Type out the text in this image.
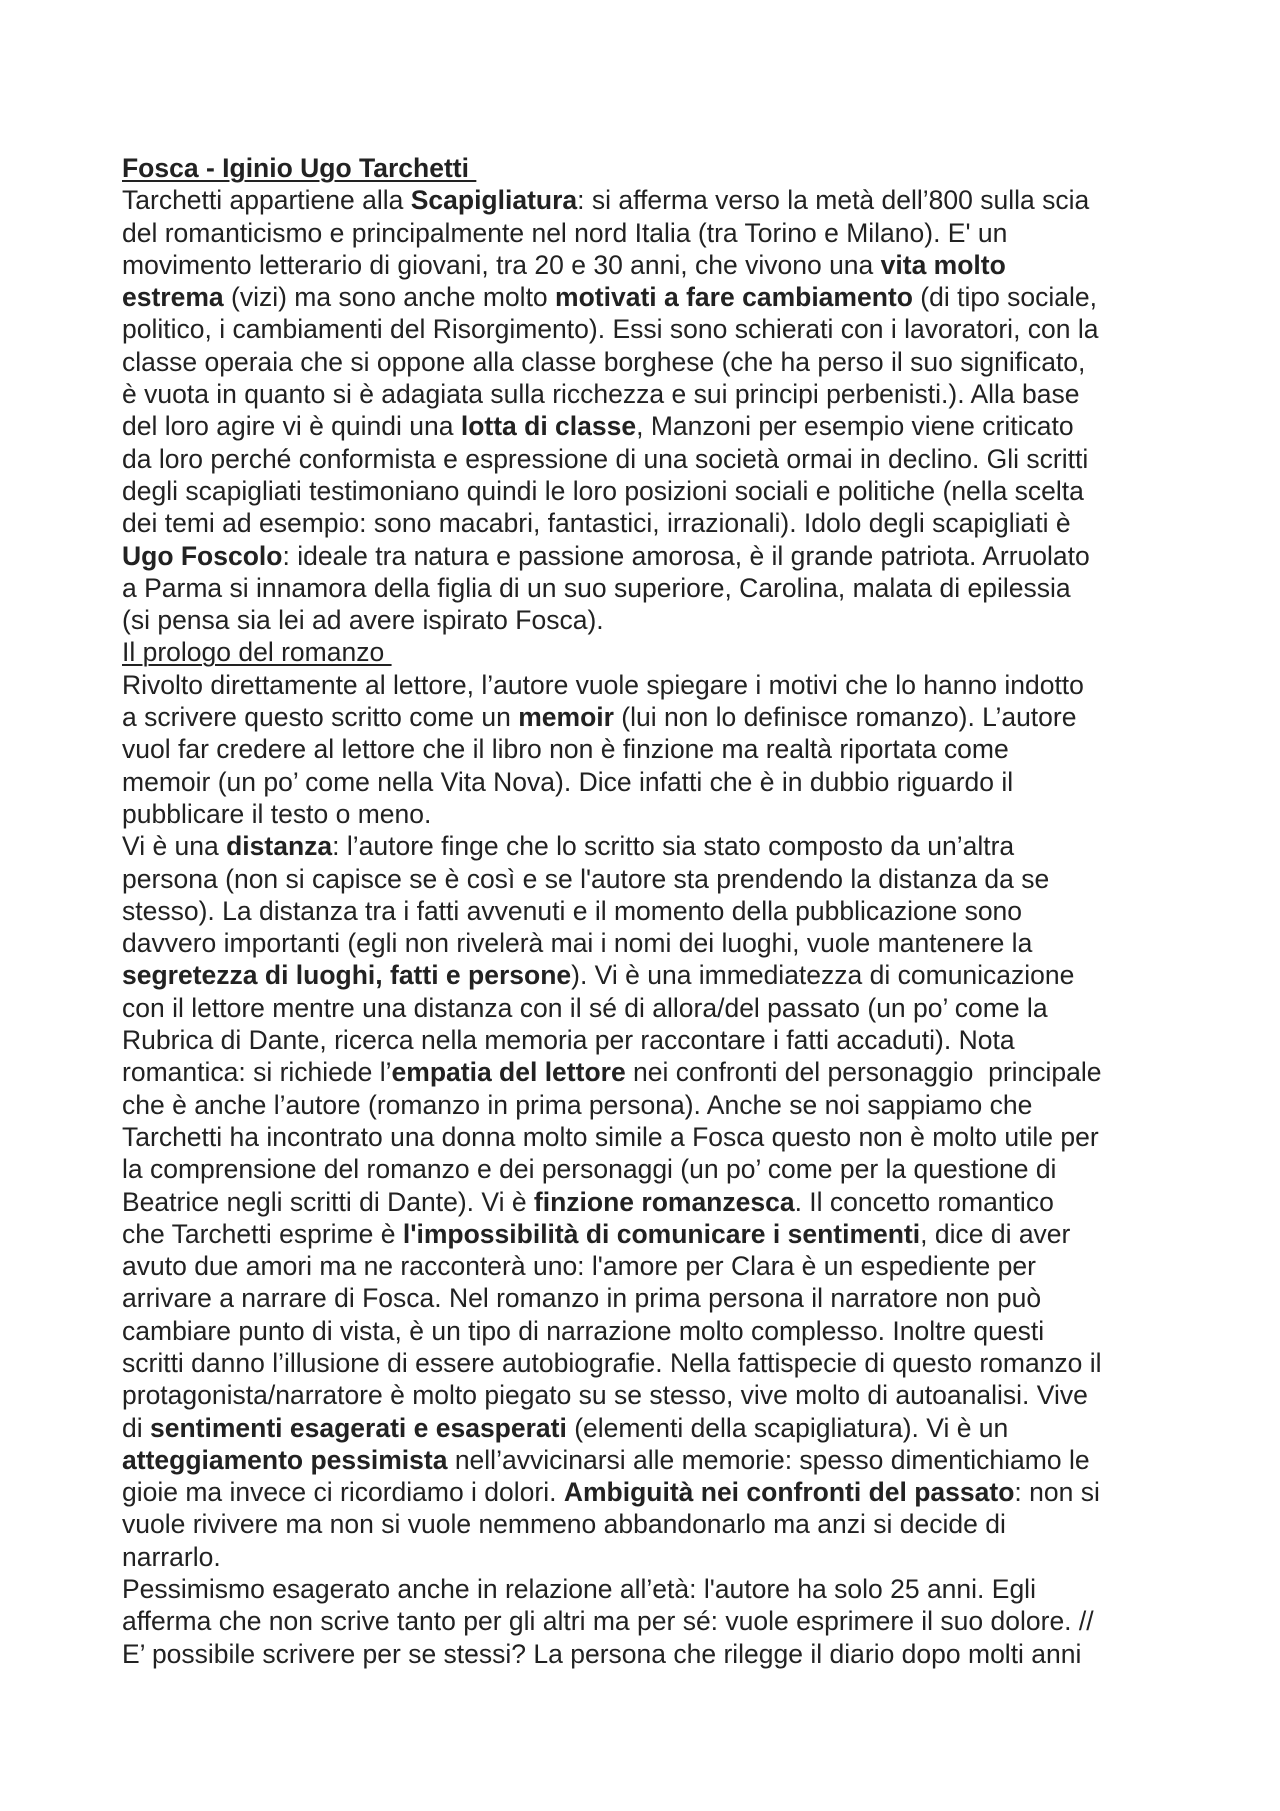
Fosca - Iginio Ugo Tarchetti
Tarchetti appartiene alla Scapigliatura: si afferma verso la metà dell’800 sulla scia
del romanticismo e principalmente nel nord Italia (tra Torino e Milano). E' un
movimento letterario di giovani, tra 20 e 30 anni, che vivono una vita molto
estrema (vizi) ma sono anche molto motivati a fare cambiamento (di tipo sociale,
politico, i cambiamenti del Risorgimento). Essi sono schierati con i lavoratori, con la
classe operaia che si oppone alla classe borghese (che ha perso il suo significato,
è vuota in quanto si è adagiata sulla ricchezza e sui principi perbenisti.). Alla base
del loro agire vi è quindi una lotta di classe, Manzoni per esempio viene criticato
da loro perché conformista e espressione di una società ormai in declino. Gli scritti
degli scapigliati testimoniano quindi le loro posizioni sociali e politiche (nella scelta
dei temi ad esempio: sono macabri, fantastici, irrazionali). Idolo degli scapigliati è
Ugo Foscolo: ideale tra natura e passione amorosa, è il grande patriota. Arruolato
a Parma si innamora della figlia di un suo superiore, Carolina, malata di epilessia
(si pensa sia lei ad avere ispirato Fosca).
Il prologo del romanzo
Rivolto direttamente al lettore, l’autore vuole spiegare i motivi che lo hanno indotto
a scrivere questo scritto come un memoir (lui non lo definisce romanzo). L’autore
vuol far credere al lettore che il libro non è finzione ma realtà riportata come
memoir (un po’ come nella Vita Nova). Dice infatti che è in dubbio riguardo il
pubblicare il testo o meno.
Vi è una distanza: l’autore finge che lo scritto sia stato composto da un’altra
persona (non si capisce se è così e se l'autore sta prendendo la distanza da se
stesso). La distanza tra i fatti avvenuti e il momento della pubblicazione sono
davvero importanti (egli non rivelerà mai i nomi dei luoghi, vuole mantenere la
segretezza di luoghi, fatti e persone). Vi è una immediatezza di comunicazione
con il lettore mentre una distanza con il sé di allora/del passato (un po’ come la
Rubrica di Dante, ricerca nella memoria per raccontare i fatti accaduti). Nota
romantica: si richiede l’empatia del lettore nei confronti del personaggio  principale
che è anche l’autore (romanzo in prima persona). Anche se noi sappiamo che
Tarchetti ha incontrato una donna molto simile a Fosca questo non è molto utile per
la comprensione del romanzo e dei personaggi (un po’ come per la questione di
Beatrice negli scritti di Dante). Vi è finzione romanzesca. Il concetto romantico
che Tarchetti esprime è l'impossibilità di comunicare i sentimenti, dice di aver
avuto due amori ma ne racconterà uno: l'amore per Clara è un espediente per
arrivare a narrare di Fosca. Nel romanzo in prima persona il narratore non può
cambiare punto di vista, è un tipo di narrazione molto complesso. Inoltre questi
scritti danno l’illusione di essere autobiografie. Nella fattispecie di questo romanzo il
protagonista/narratore è molto piegato su se stesso, vive molto di autoanalisi. Vive
di sentimenti esagerati e esasperati (elementi della scapigliatura). Vi è un
atteggiamento pessimista nell’avvicinarsi alle memorie: spesso dimentichiamo le
gioie ma invece ci ricordiamo i dolori. Ambiguità nei confronti del passato: non si
vuole rivivere ma non si vuole nemmeno abbandonarlo ma anzi si decide di
narrarlo.
Pessimismo esagerato anche in relazione all’età: l'autore ha solo 25 anni. Egli
afferma che non scrive tanto per gli altri ma per sé: vuole esprimere il suo dolore. //
E’ possibile scrivere per se stessi? La persona che rilegge il diario dopo molti anni
